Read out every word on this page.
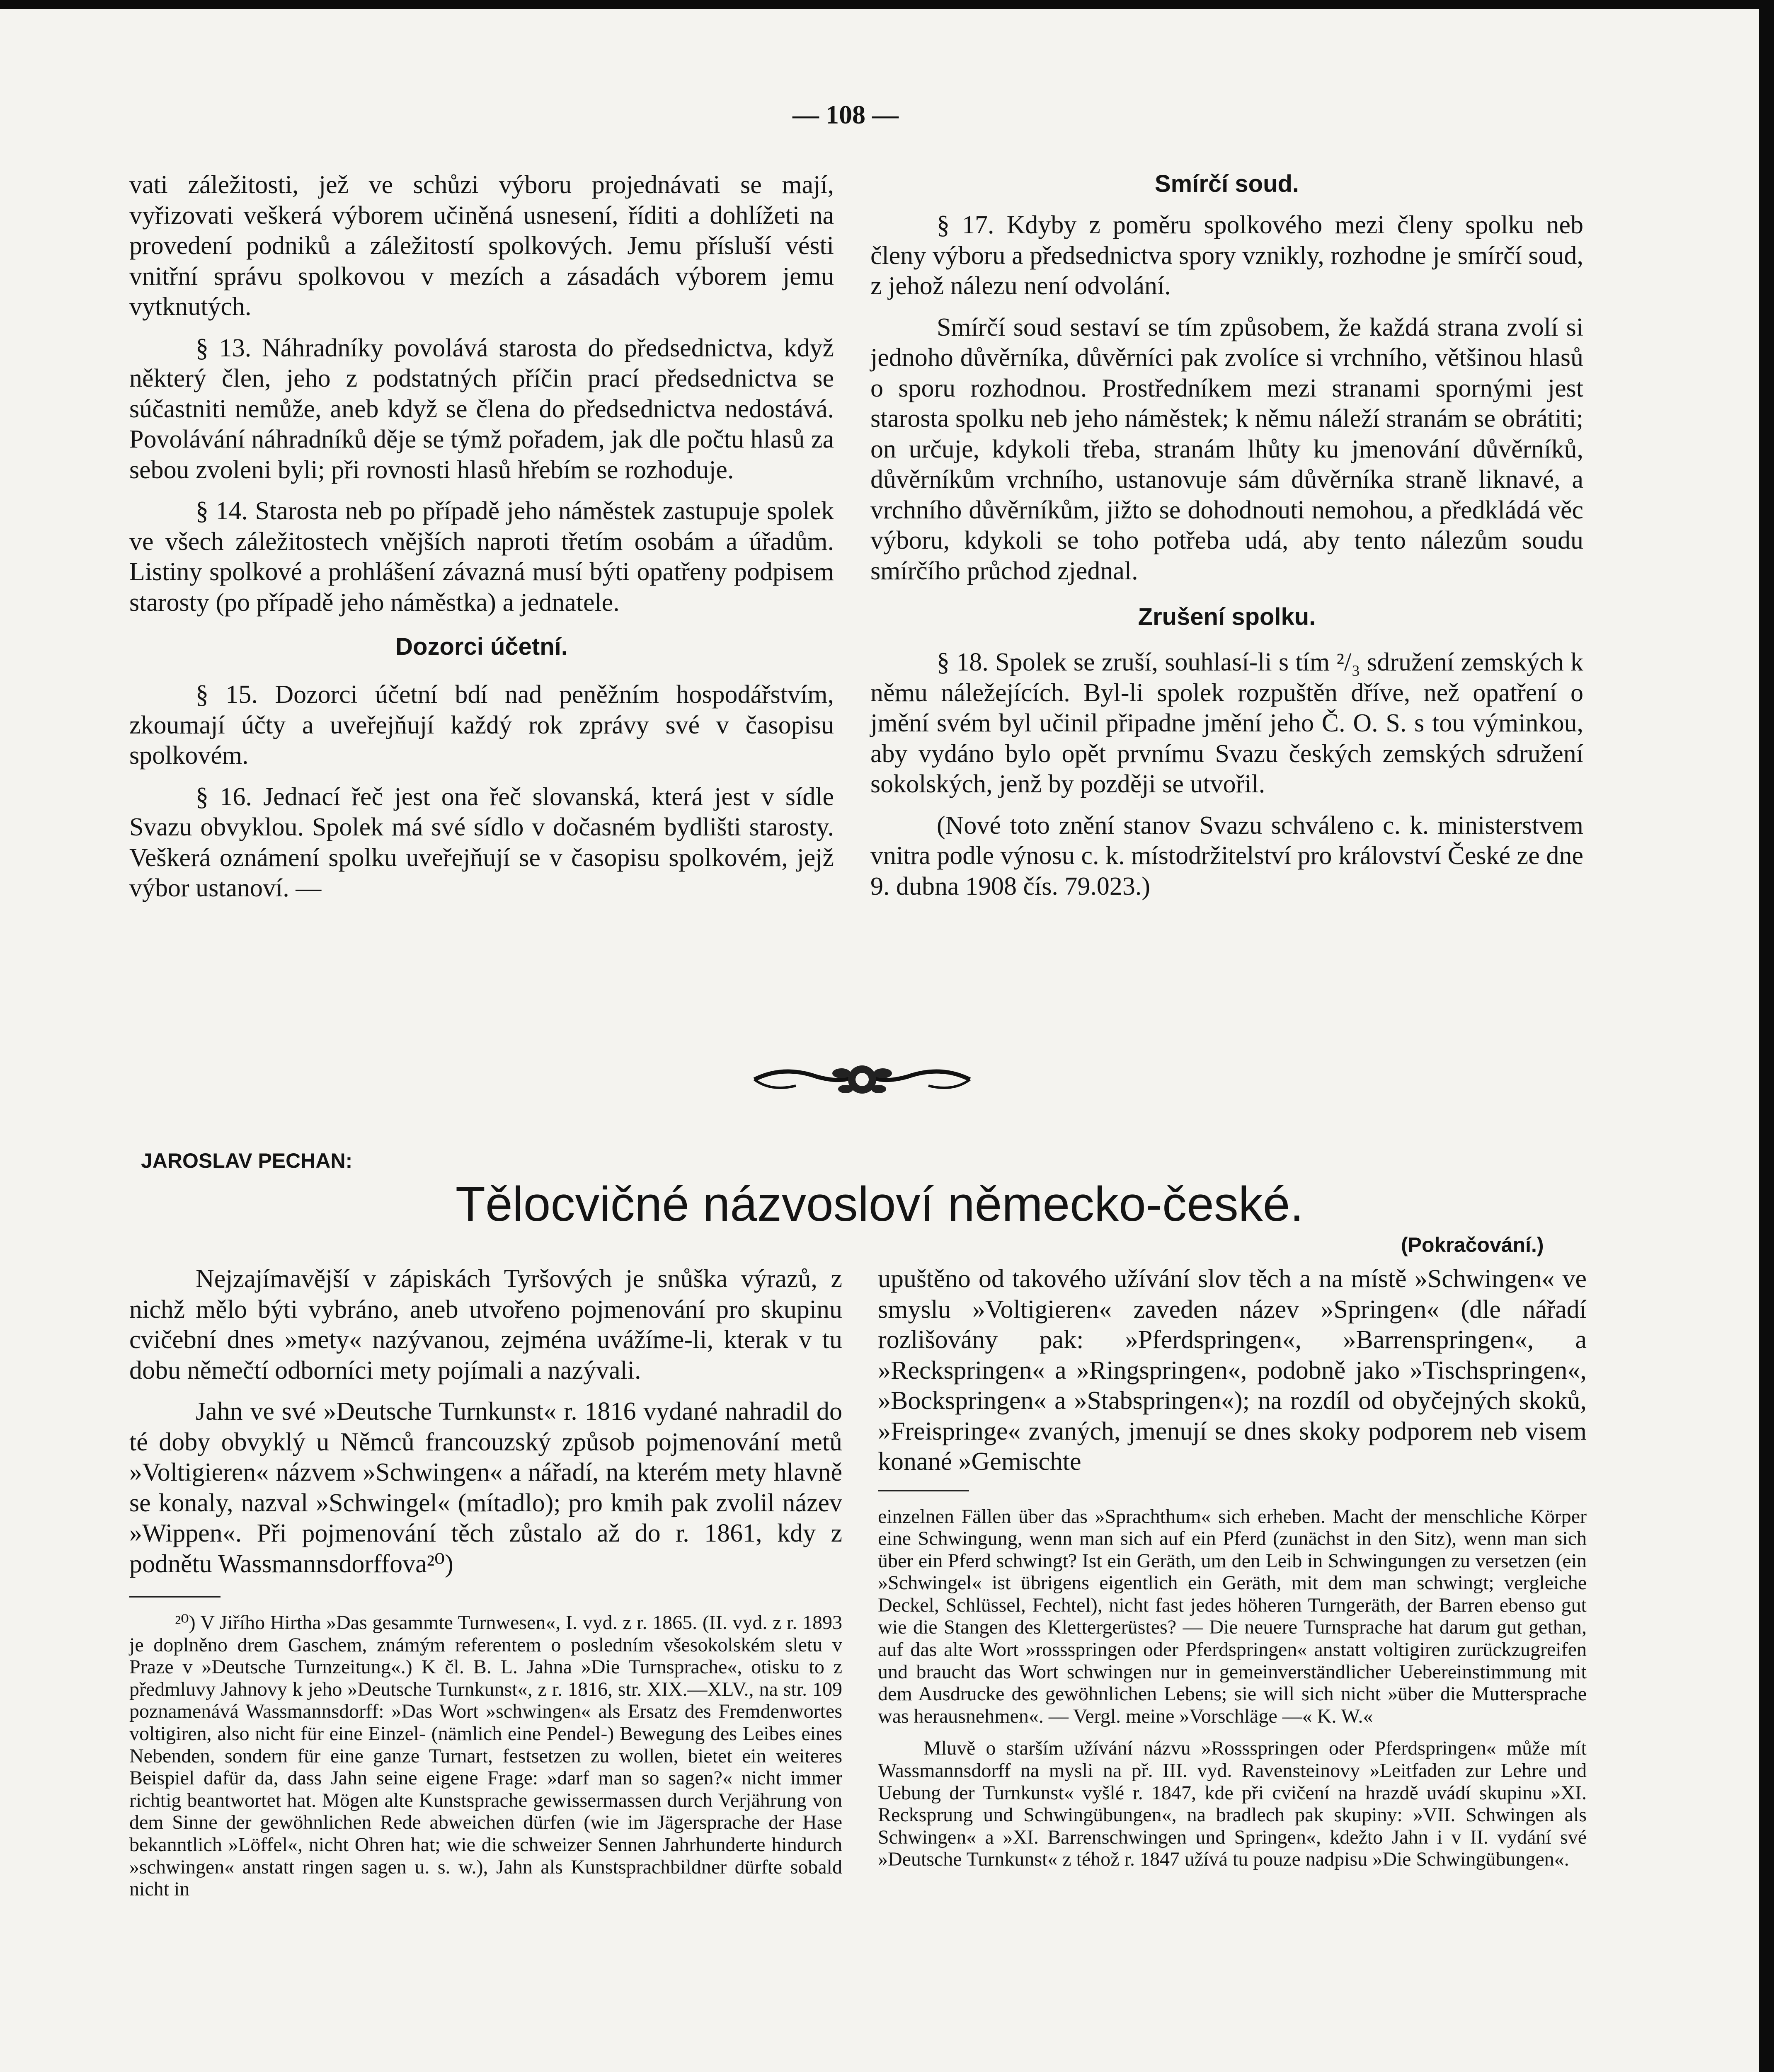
— 108 —

vati záležitosti, jež ve schůzi výboru projednávati se mají, vyřizovati veškerá výborem učiněná usnesení, říditi a dohlížeti na provedení podniků a záležitostí spolkových. Jemu přísluší vésti vnitřní správu spolkovou v mezích a zásadách výborem jemu vytknutých.

§ 13. Náhradníky povolává starosta do předsednictva, když některý člen, jeho z podstatných příčin prací předsednictva se súčastniti nemůže, aneb když se člena do předsednictva nedostává. Povolávání náhradníků děje se týmž pořadem, jak dle počtu hlasů za sebou zvoleni byli; při rovnosti hlasů hřebím se rozhoduje.

§ 14. Starosta neb po případě jeho náměstek zastupuje spolek ve všech záležitostech vnějších naproti třetím osobám a úřadům. Listiny spolkové a prohlášení závazná musí býti opatřeny podpisem starosty (po případě jeho náměstka) a jednatele.

Dozorci účetní.

§ 15. Dozorci účetní bdí nad peněžním hospodářstvím, zkoumají účty a uveřejňují každý rok zprávy své v časopisu spolkovém.

§ 16. Jednací řeč jest ona řeč slovanská, která jest v sídle Svazu obvyklou. Spolek má své sídlo v dočasném bydlišti starosty. Veškerá oznámení spolku uveřejňují se v časopisu spolkovém, jejž výbor ustanoví. —

Smírčí soud.

§ 17. Kdyby z poměru spolkového mezi členy spolku neb členy výboru a předsednictva spory vznikly, rozhodne je smírčí soud, z jehož nálezu není odvolání.

Smírčí soud sestaví se tím způsobem, že každá strana zvolí si jednoho důvěrníka, důvěrníci pak zvolíce si vrchního, většinou hlasů o sporu rozhodnou. Prostředníkem mezi stranami spornými jest starosta spolku neb jeho náměstek; k němu náleží stranám se obrátiti; on určuje, kdykoli třeba, stranám lhůty ku jmenování důvěrníků, důvěrníkům vrchního, ustanovuje sám důvěrníka straně liknavé, a vrchního důvěrníkům, jižto se dohodnouti nemohou, a předkládá věc výboru, kdykoli se toho potřeba udá, aby tento nálezům soudu smírčího průchod zjednal.

Zrušení spolku.

§ 18. Spolek se zruší, souhlasí-li s tím ²/₃ sdružení zemských k němu náležejících. Byl-li spolek rozpuštěn dříve, než opatření o jmění svém byl učinil připadne jmění jeho Č. O. S. s tou výminkou, aby vydáno bylo opět prvnímu Svazu českých zemských sdružení sokolských, jenž by později se utvořil.

(Nové toto znění stanov Svazu schváleno c. k. ministerstvem vnitra podle výnosu c. k. místodržitelství pro království České ze dne 9. dubna 1908 čís. 79.023.)

JAROSLAV PECHAN:
Tělocvičné názvosloví německo-české.
(Pokračování.)

Nejzajímavější v zápiskách Tyršových je snůška výrazů, z nichž mělo býti vybráno, aneb utvořeno pojmenování pro skupinu cvičební dnes »mety« nazývanou, zejména uvážíme-li, kterak v tu dobu němečtí odborníci mety pojímali a nazývali.

Jahn ve své »Deutsche Turnkunst« r. 1816 vydané nahradil do té doby obvyklý u Němců francouzský způsob pojmenování metů »Voltigieren« názvem »Schwingen« a nářadí, na kterém mety hlavně se konaly, nazval »Schwingel« (mítadlo); pro kmih pak zvolil název »Wippen«. Při pojmenování těch zůstalo až do r. 1861, kdy z podnětu Wassmannsdorffova²⁰)

²⁰) V Jiřího Hirtha »Das gesammte Turnwesen«, I. vyd. z r. 1865. (II. vyd. z r. 1893 je doplněno drem Gaschem, známým referentem o posledním všesokolském sletu v Praze v »Deutsche Turnzeitung«.) K čl. B. L. Jahna »Die Turnsprache«, otisku to z předmluvy Jahnovy k jeho »Deutsche Turnkunst«, z r. 1816, str. XIX.—XLV., na str. 109 poznamenává Wassmannsdorff: »Das Wort »schwingen« als Ersatz des Fremdenwortes voltigiren, also nicht für eine Einzel- (nämlich eine Pendel-) Bewegung des Leibes eines Nebenden, sondern für eine ganze Turnart, festsetzen zu wollen, bietet ein weiteres Beispiel dafür da, dass Jahn seine eigene Frage: »darf man so sagen?« nicht immer richtig beantwortet hat. Mögen alte Kunstsprache gewissermassen durch Verjährung von dem Sinne der gewöhnlichen Rede abweichen dürfen (wie im Jägersprache der Hase bekanntlich »Löffel«, nicht Ohren hat; wie die schweizer Sennen Jahrhunderte hindurch »schwingen« anstatt ringen sagen u. s. w.), Jahn als Kunstsprachbildner dürfte sobald nicht in

upuštěno od takového užívání slov těch a na místě »Schwingen« ve smyslu »Voltigieren« zaveden název »Springen« (dle nářadí rozlišovány pak: »Pferdspringen«, »Barrenspringen«, a »Reckspringen« a »Ringspringen«, podobně jako »Tischspringen«, »Bockspringen« a »Stabspringen«); na rozdíl od obyčejných skoků, »Freispringe« zvaných, jmenují se dnes skoky podporem neb visem konané »Gemischte

einzelnen Fällen über das »Sprachthum« sich erheben. Macht der menschliche Körper eine Schwingung, wenn man sich auf ein Pferd (zunächst in den Sitz), wenn man sich über ein Pferd schwingt? Ist ein Geräth, um den Leib in Schwingungen zu versetzen (ein »Schwingel« ist übrigens eigentlich ein Geräth, mit dem man schwingt; vergleiche Deckel, Schlüssel, Fechtel), nicht fast jedes höheren Turngeräth, der Barren ebenso gut wie die Stangen des Klettergerüstes? — Die neuere Turnsprache hat darum gut gethan, auf das alte Wort »rossspringen oder Pferdspringen« anstatt voltigiren zurückzugreifen und braucht das Wort schwingen nur in gemeinverständlicher Uebereinstimmung mit dem Ausdrucke des gewöhnlichen Lebens; sie will sich nicht »über die Muttersprache was herausnehmen«. — Vergl. meine »Vorschläge —« K. W.«

Mluvě o starším užívání názvu »Rossspringen oder Pferdspringen« může mít Wassmannsdorff na mysli na př. III. vyd. Ravensteinovy »Leitfaden zur Lehre und Uebung der Turnkunst« vyšlé r. 1847, kde při cvičení na hrazdě uvádí skupinu »XI. Recksprung und Schwingübungen«, na bradlech pak skupiny: »VII. Schwingen als Schwingen« a »XI. Barrenschwingen und Springen«, kdežto Jahn i v II. vydání své »Deutsche Turnkunst« z téhož r. 1847 užívá tu pouze nadpisu »Die Schwingübungen«.
